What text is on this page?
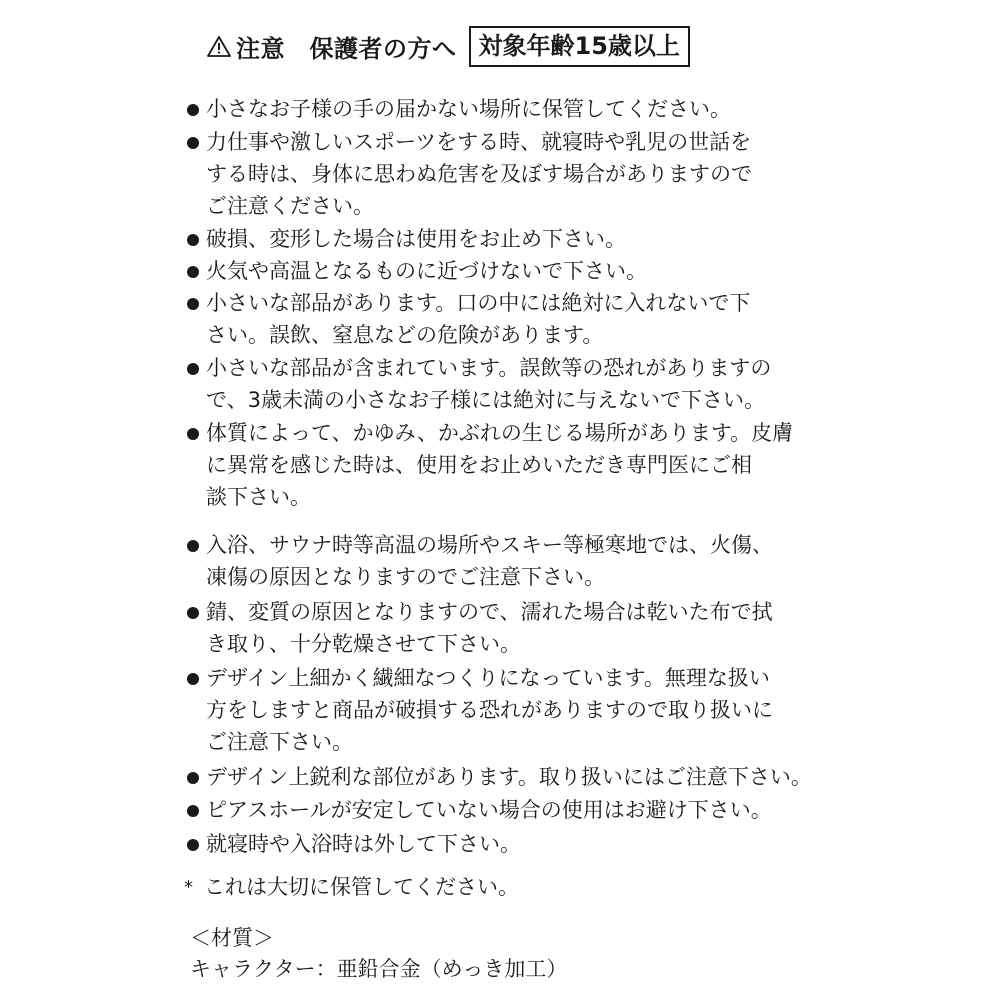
注意　保護者の方へ 対象年齢15歳以上
小さなお子様の手の届かない場所に保管してください。
力仕事や激しいスポーツをする時、就寝時や乳児の世話を
する時は、身体に思わぬ危害を及ぼす場合がありますので
ご注意ください。
破損、変形した場合は使用をお止め下さい。
火気や高温となるものに近づけないで下さい。
小さいな部品があります。口の中には絶対に入れないで下
さい。誤飲、窒息などの危険があります。
小さいな部品が含まれています。誤飲等の恐れがありますの
で、3歳未満の小さなお子様には絶対に与えないで下さい。
体質によって、かゆみ、かぶれの生じる場所があります。皮膚
に異常を感じた時は、使用をお止めいただき専門医にご相
談下さい。
入浴、サウナ時等高温の場所やスキー等極寒地では、火傷、
凍傷の原因となりますのでご注意下さい。
錆、変質の原因となりますので、濡れた場合は乾いた布で拭
き取り、十分乾燥させて下さい。
デザイン上細かく繊細なつくりになっています。無理な扱い
方をしますと商品が破損する恐れがありますので取り扱いに
ご注意下さい。
デザイン上鋭利な部位があります。取り扱いにはご注意下さい。
ピアスホールが安定していない場合の使用はお避け下さい。
就寝時や入浴時は外して下さい。
* これは大切に保管してください。
＜材質＞
キャラクター：亜鉛合金（めっき加工）
